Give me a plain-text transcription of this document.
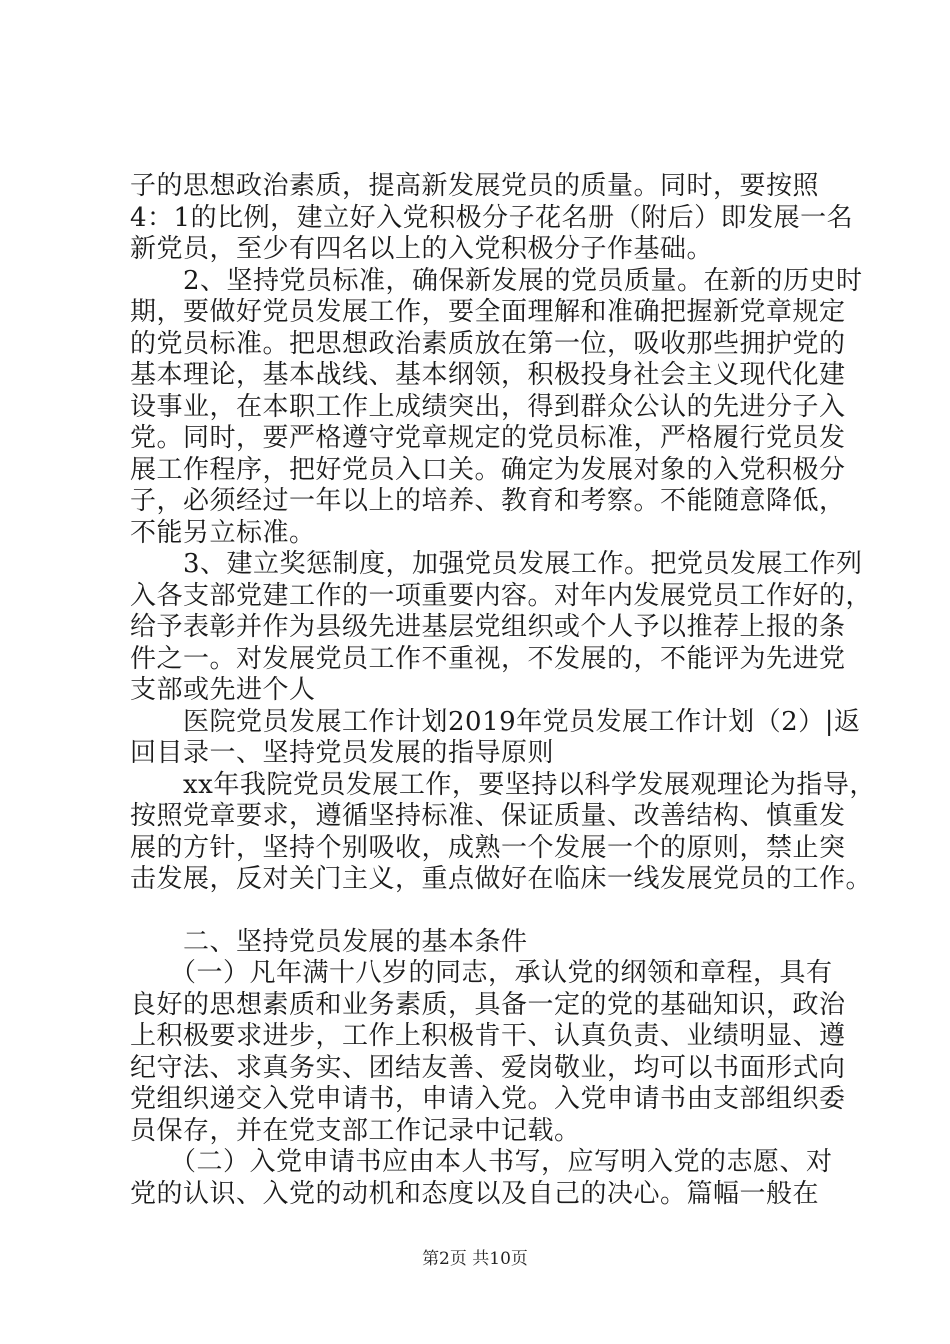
子的思想政治素质，提高新发展党员的质量。同时，要按照
4：1的比例，建立好入党积极分子花名册（附后）即发展一名
新党员，至少有四名以上的入党积极分子作基础。
　　2、坚持党员标准，确保新发展的党员质量。在新的历史时
期，要做好党员发展工作，要全面理解和准确把握新党章规定
的党员标准。把思想政治素质放在第一位，吸收那些拥护党的
基本理论，基本战线、基本纲领，积极投身社会主义现代化建
设事业，在本职工作上成绩突出，得到群众公认的先进分子入
党。同时，要严格遵守党章规定的党员标准，严格履行党员发
展工作程序，把好党员入口关。确定为发展对象的入党积极分
子，必须经过一年以上的培养、教育和考察。不能随意降低，
不能另立标准。
　　3、建立奖惩制度，加强党员发展工作。把党员发展工作列
入各支部党建工作的一项重要内容。对年内发展党员工作好的，
给予表彰并作为县级先进基层党组织或个人予以推荐上报的条
件之一。对发展党员工作不重视，不发展的，不能评为先进党
支部或先进个人
　　医院党员发展工作计划2019年党员发展工作计划（2）|返
回目录一、坚持党员发展的指导原则
　　xx年我院党员发展工作，要坚持以科学发展观理论为指导，
按照党章要求，遵循坚持标准、保证质量、改善结构、慎重发
展的方针，坚持个别吸收，成熟一个发展一个的原则，禁止突
击发展，反对关门主义，重点做好在临床一线发展党员的工作。
　　二、坚持党员发展的基本条件
　　（一）凡年满十八岁的同志，承认党的纲领和章程，具有
良好的思想素质和业务素质，具备一定的党的基础知识，政治
上积极要求进步，工作上积极肯干、认真负责、业绩明显、遵
纪守法、求真务实、团结友善、爱岗敬业，均可以书面形式向
党组织递交入党申请书，申请入党。入党申请书由支部组织委
员保存，并在党支部工作记录中记载。
　　（二）入党申请书应由本人书写，应写明入党的志愿、对
党的认识、入党的动机和态度以及自己的决心。篇幅一般在
第2页 共10页
